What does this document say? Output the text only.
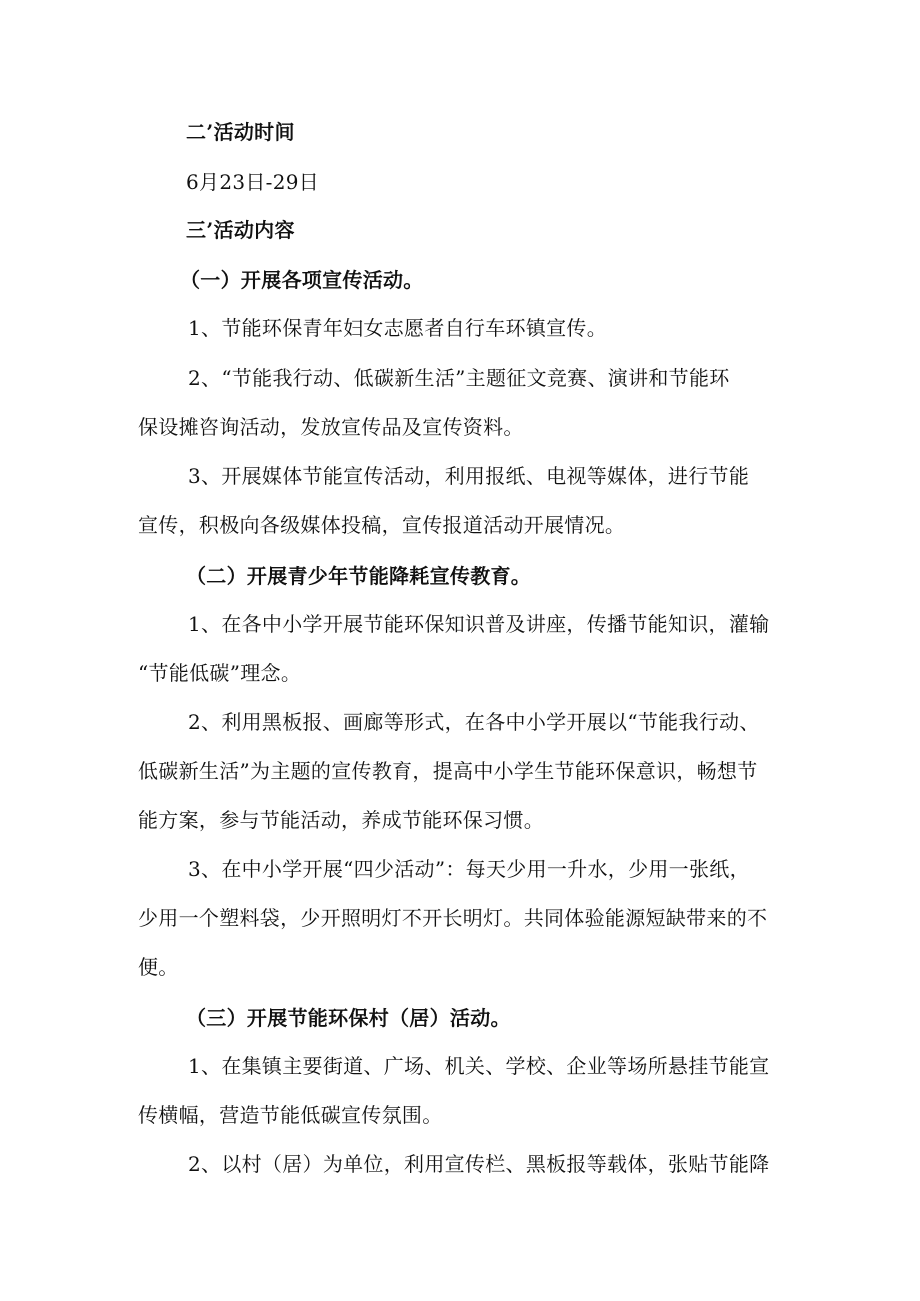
二’活动时间
6月23日-29日
三’活动内容
（一）开展各项宣传活动。
1、节能环保青年妇女志愿者自行车环镇宣传。
2、“节能我行动、低碳新生活”主题征文竞赛、演讲和节能环
保设摊咨询活动，发放宣传品及宣传资料。
3、开展媒体节能宣传活动，利用报纸、电视等媒体，进行节能
宣传，积极向各级媒体投稿，宣传报道活动开展情况。
（二）开展青少年节能降耗宣传教育。
1、在各中小学开展节能环保知识普及讲座，传播节能知识，灌输
“节能低碳”理念。
2、利用黑板报、画廊等形式，在各中小学开展以“节能我行动、
低碳新生活”为主题的宣传教育，提高中小学生节能环保意识，畅想节
能方案，参与节能活动，养成节能环保习惯。
3、在中小学开展“四少活动”：每天少用一升水，少用一张纸，
少用一个塑料袋，少开照明灯不开长明灯。共同体验能源短缺带来的不
便。
（三）开展节能环保村（居）活动。
1、在集镇主要街道、广场、机关、学校、企业等场所悬挂节能宣
传横幅，营造节能低碳宣传氛围。
2、以村（居）为单位，利用宣传栏、黑板报等载体，张贴节能降
